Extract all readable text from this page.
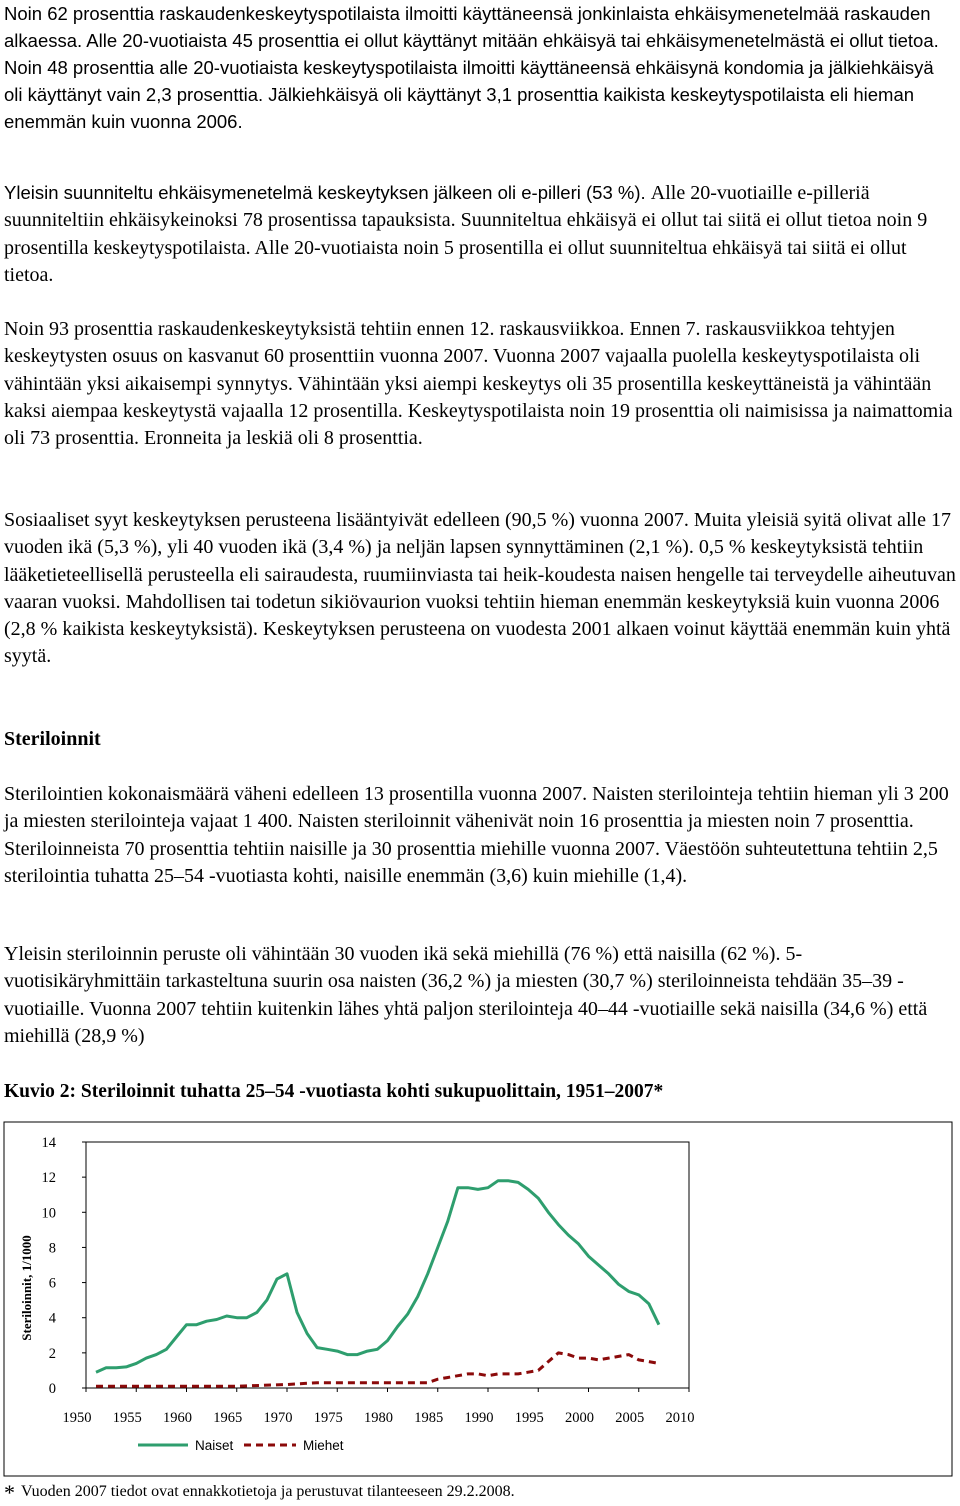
Noin 62 prosenttia raskaudenkeskeytyspotilaista ilmoitti käyttäneensä jonkinlaista ehkäisymenetelmää raskauden alkaessa. Alle 20-vuotiaista 45 prosenttia ei ollut käyttänyt mitään ehkäisyä tai ehkäisymenetelmästä ei ollut tietoa. Noin 48 prosenttia alle 20-vuotiaista keskeytyspotilaista ilmoitti käyttäneensä ehkäisynä kondomia ja jälkiehkäisyä oli käyttänyt vain 2,3 prosenttia. Jälkiehkäisyä oli käyttänyt 3,1 prosenttia kaikista keskeytyspotilaista eli hieman enemmän kuin vuonna 2006.

Yleisin suunniteltu ehkäisymenetelmä keskeytyksen jälkeen oli e-pilleri (53 %). Alle 20-vuotiaille e-pilleriä suunniteltiin ehkäisykeinoksi 78 prosentissa tapauksista. Suunniteltua ehkäisyä ei ollut tai siitä ei ollut tietoa noin 9 prosentilla keskeytyspotilaista. Alle 20-vuotiaista noin 5 prosentilla ei ollut suunniteltua ehkäisyä tai siitä ei ollut tietoa.

Noin 93 prosenttia raskaudenkeskeytyksistä tehtiin ennen 12. raskausviikkoa. Ennen 7. raskausviikkoa tehtyjen keskeytysten osuus on kasvanut 60 prosenttiin vuonna 2007. Vuonna 2007 vajaalla puolella keskeytyspotilaista oli vähintään yksi aikaisempi synnytys. Vähintään yksi aiempi keskeytys oli 35 prosentilla keskeyttäneistä ja vähintään kaksi aiempaa keskeytystä vajaalla 12 prosentilla. Keskeytyspotilaista noin 19 prosenttia oli naimisissa ja naimattomia oli 73 prosenttia. Eronneita ja leskiä oli 8 prosenttia.

Sosiaaliset syyt keskeytyksen perusteena lisääntyivät edelleen (90,5 %) vuonna 2007. Muita yleisiä syitä olivat alle 17 vuoden ikä (5,3 %), yli 40 vuoden ikä (3,4 %) ja neljän lapsen synnyttäminen (2,1 %). 0,5 % keskeytyksistä tehtiin lääketieteellisellä perusteella eli sairaudesta, ruumiinviasta tai heik-koudesta naisen hengelle tai terveydelle aiheutuvan vaaran vuoksi. Mahdollisen tai todetun sikiövaurion vuoksi tehtiin hieman enemmän keskeytyksiä kuin vuonna 2006 (2,8 % kaikista keskeytyksistä). Keskeytyksen perusteena on vuodesta 2001 alkaen voinut käyttää enemmän kuin yhtä syytä.

Steriloinnit

Sterilointien kokonaismäärä väheni edelleen 13 prosentilla vuonna 2007. Naisten sterilointeja tehtiin hieman yli 3 200 ja miesten sterilointeja vajaat 1 400. Naisten steriloinnit vähenivät noin 16 prosenttia ja miesten noin 7 prosenttia. Steriloinneista 70 prosenttia tehtiin naisille ja 30 prosenttia miehille vuonna 2007. Väestöön suhteutettuna tehtiin 2,5 sterilointia tuhatta 25–54 -vuotiasta kohti, naisille enemmän (3,6) kuin miehille (1,4).

Yleisin steriloinnin peruste oli vähintään 30 vuoden ikä sekä miehillä (76 %) että naisilla (62 %). 5-vuotisikäryhmittäin tarkasteltuna suurin osa naisten (36,2 %) ja miesten (30,7 %) steriloinneista tehdään 35–39 -vuotiaille. Vuonna 2007 tehtiin kuitenkin lähes yhtä paljon sterilointeja 40–44 -vuotiaille sekä naisilla (34,6 %) että miehillä (28,9 %)

Kuvio 2: Steriloinnit tuhatta 25–54 -vuotiasta kohti sukupuolittain, 1951–2007*

0
2
4
6
8
10
12
14
1950 1955 1960 1965 1970 1975 1980 1985 1990 1995 2000 2005 2010
Steriloinnit, 1/1000
Naiset	Miehet

* Vuoden 2007 tiedot ovat ennakkotietoja ja perustuvat tilanteeseen 29.2.2008.
